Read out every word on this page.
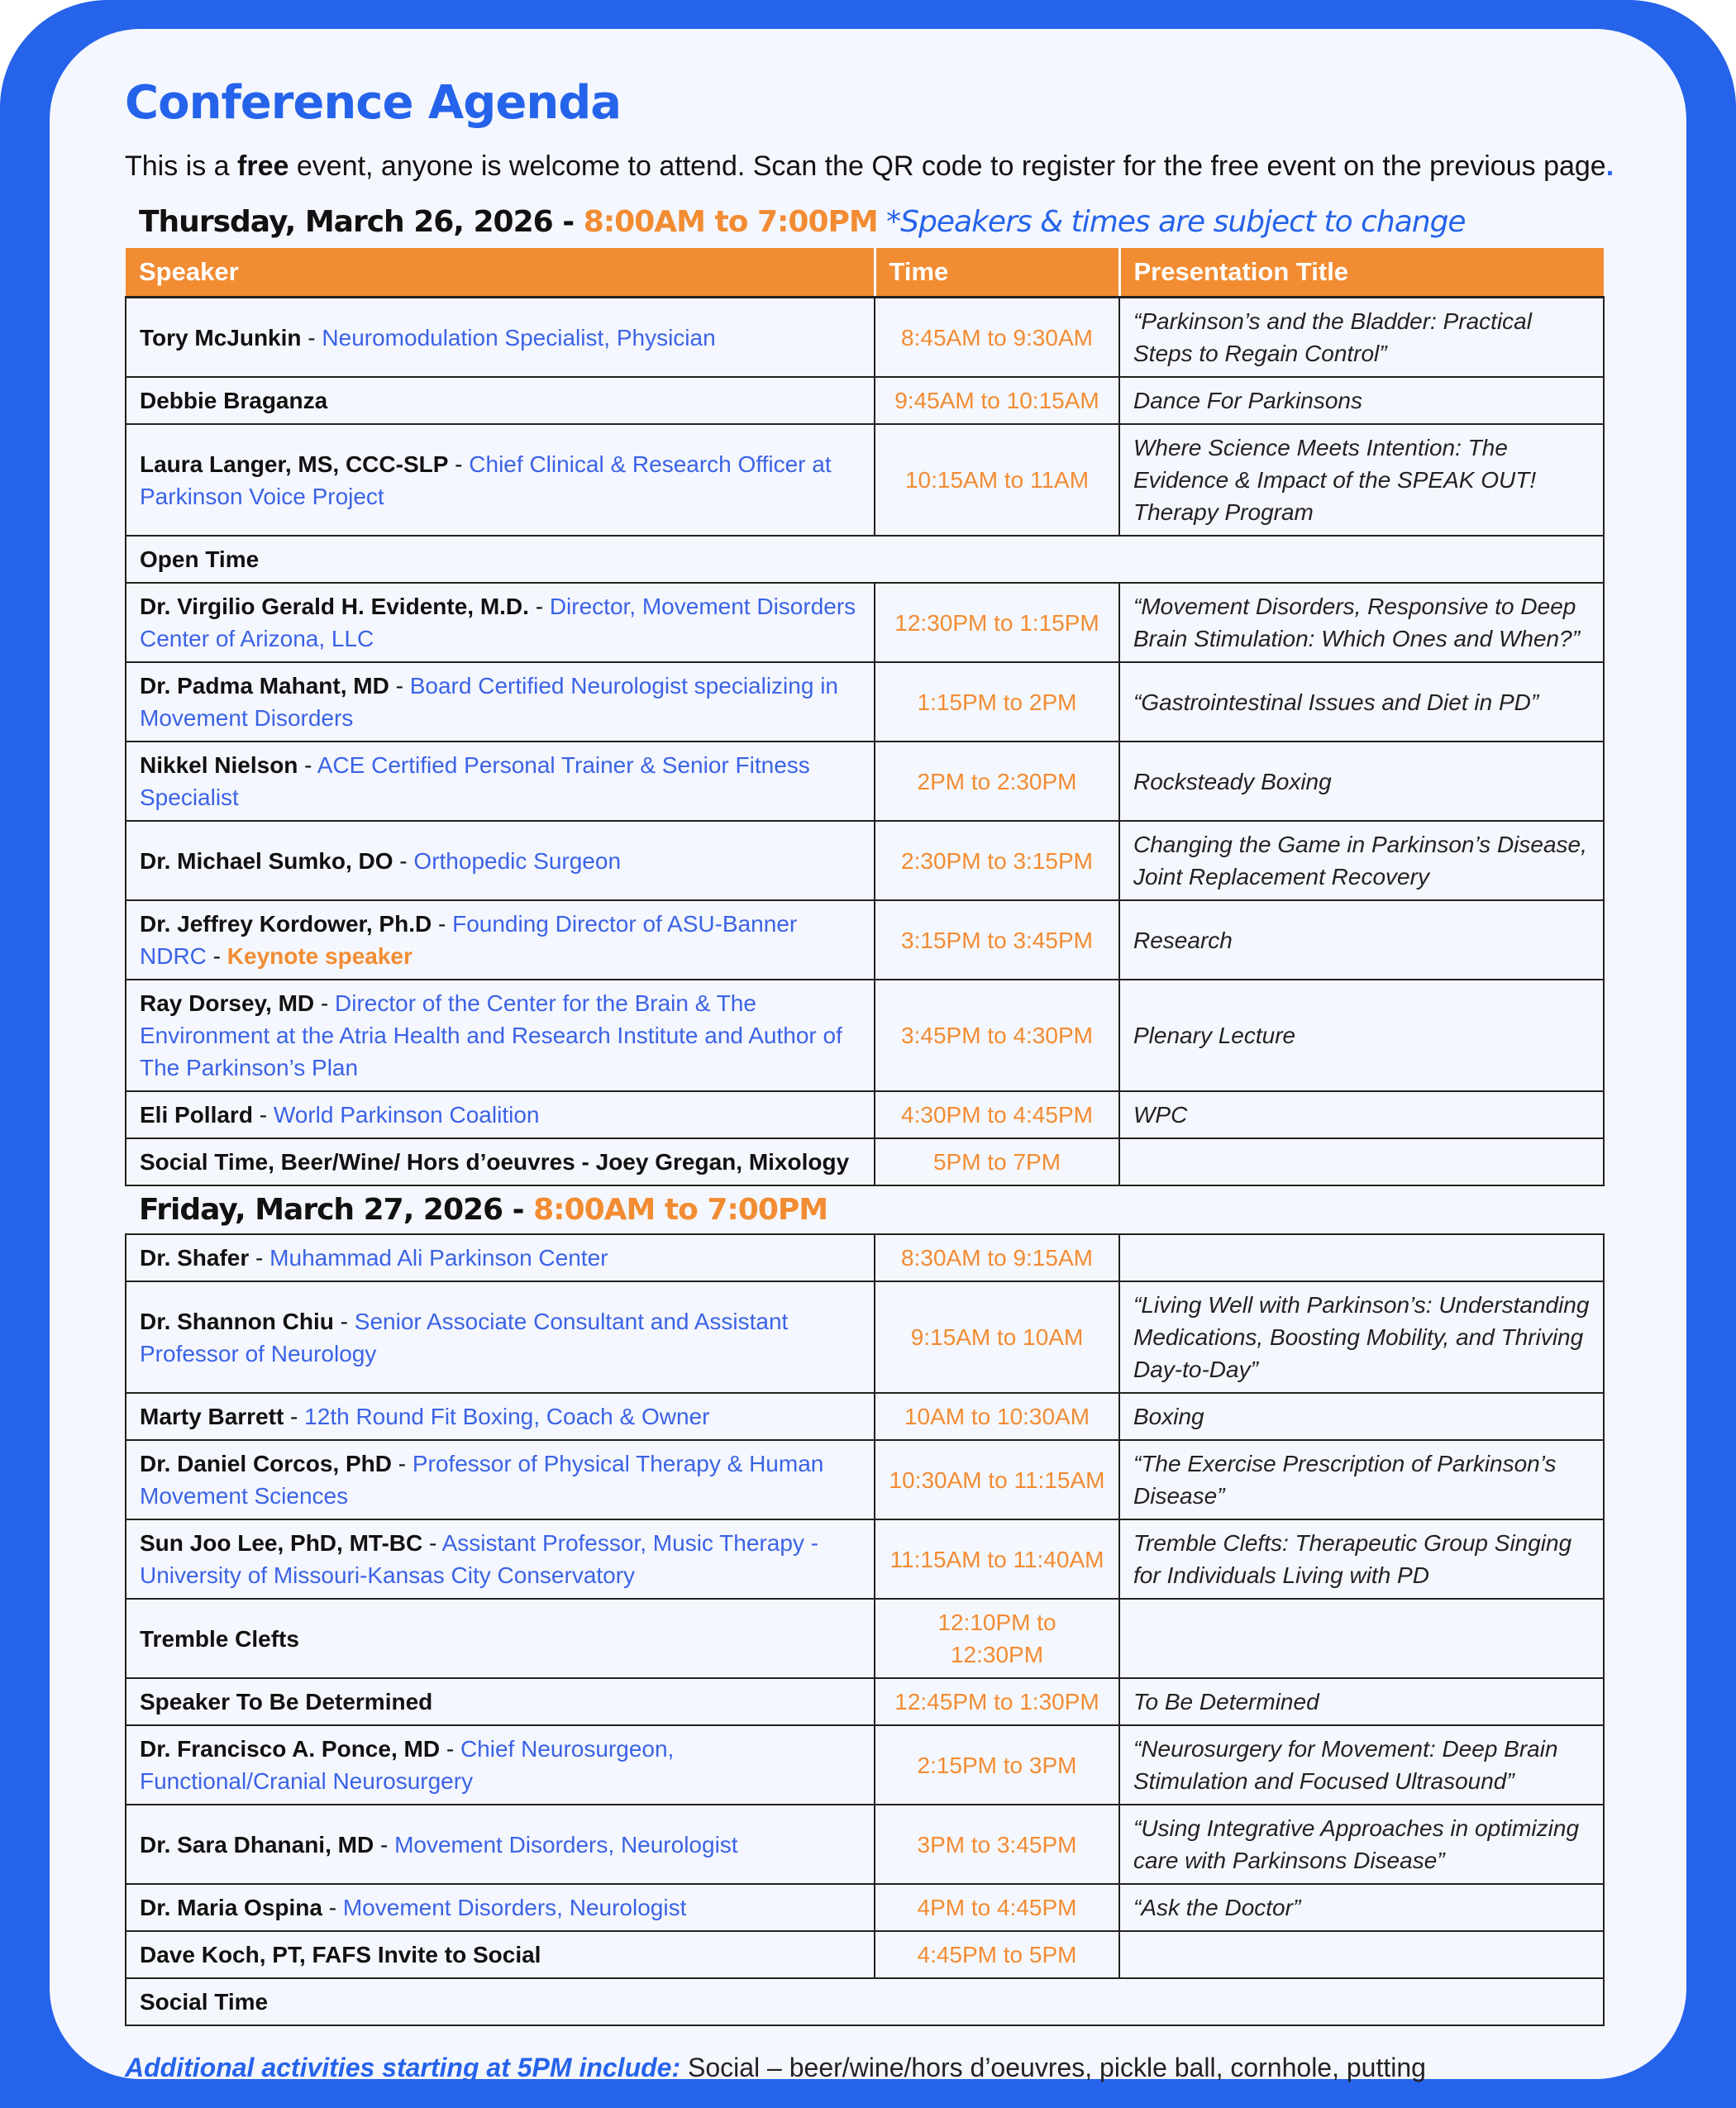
Conference Agenda
This is a free event, anyone is welcome to attend. Scan the QR code to register for the free event on the previous page.
Thursday, March 26, 2026 - 8:00AM to 7:00PM *Speakers & times are subject to change
Speaker	Time	Presentation Title
Tory McJunkin - Neuromodulation Specialist, Physician	8:45AM to 9:30AM	“Parkinson’s and the Bladder: Practical Steps to Regain Control”
Debbie Braganza	9:45AM to 10:15AM	Dance For Parkinsons
Laura Langer, MS, CCC-SLP - Chief Clinical & Research Officer at Parkinson Voice Project	10:15AM to 11AM	Where Science Meets Intention: The Evidence & Impact of the SPEAK OUT! Therapy Program
Open Time		
Dr. Virgilio Gerald H. Evidente, M.D. - Director, Movement Disorders Center of Arizona, LLC	12:30PM to 1:15PM	“Movement Disorders, Responsive to Deep Brain Stimulation: Which Ones and When?”
Dr. Padma Mahant, MD - Board Certified Neurologist specializing in Movement Disorders	1:15PM to 2PM	“Gastrointestinal Issues and Diet in PD”
Nikkel Nielson - ACE Certified Personal Trainer & Senior Fitness Specialist	2PM to 2:30PM	Rocksteady Boxing
Dr. Michael Sumko, DO - Orthopedic Surgeon	2:30PM to 3:15PM	Changing the Game in Parkinson’s Disease, Joint Replacement Recovery
Dr. Jeffrey Kordower, Ph.D - Founding Director of ASU-Banner NDRC - Keynote speaker	3:15PM to 3:45PM	Research
Ray Dorsey, MD - Director of the Center for the Brain & The Environment at the Atria Health and Research Institute and Author of The Parkinson’s Plan	3:45PM to 4:30PM	Plenary Lecture
Eli Pollard - World Parkinson Coalition	4:30PM to 4:45PM	WPC
Social Time, Beer/Wine/ Hors d’oeuvres - Joey Gregan, Mixology	5PM to 7PM	
Friday, March 27, 2026 - 8:00AM to 7:00PM
Dr. Shafer - Muhammad Ali Parkinson Center	8:30AM to 9:15AM	
Dr. Shannon Chiu - Senior Associate Consultant and Assistant Professor of Neurology	9:15AM to 10AM	“Living Well with Parkinson’s: Understanding Medications, Boosting Mobility, and Thriving Day-to-Day”
Marty Barrett - 12th Round Fit Boxing, Coach & Owner	10AM to 10:30AM	Boxing
Dr. Daniel Corcos, PhD - Professor of Physical Therapy & Human Movement Sciences	10:30AM to 11:15AM	“The Exercise Prescription of Parkinson’s Disease”
Sun Joo Lee, PhD, MT-BC - Assistant Professor, Music Therapy - University of Missouri-Kansas City Conservatory	11:15AM to 11:40AM	Tremble Clefts: Therapeutic Group Singing for Individuals Living with PD
Tremble Clefts	12:10PM to 12:30PM	
Speaker To Be Determined	12:45PM to 1:30PM	To Be Determined
Dr. Francisco A. Ponce, MD - Chief Neurosurgeon, Functional/Cranial Neurosurgery	2:15PM to 3PM	“Neurosurgery for Movement: Deep Brain Stimulation and Focused Ultrasound”
Dr. Sara Dhanani, MD - Movement Disorders, Neurologist	3PM to 3:45PM	“Using Integrative Approaches in optimizing care with Parkinsons Disease”
Dr. Maria Ospina - Movement Disorders, Neurologist	4PM to 4:45PM	“Ask the Doctor”
Dave Koch, PT, FAFS Invite to Social	4:45PM to 5PM	
Social Time		
Additional activities starting at 5PM include: Social – beer/wine/hors d’oeuvres, pickle ball, cornhole, putting
